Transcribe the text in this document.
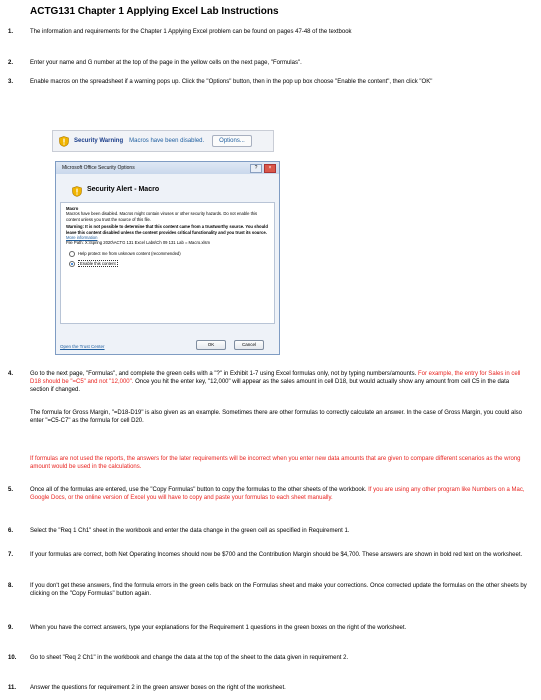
ACTG131 Chapter 1 Applying Excel Lab Instructions
1.	The information and requirements for the Chapter 1 Applying Excel problem can be found on pages 47-48 of the textbook
2.	Enter your name and G number at the top of the page in the yellow cells on the next page, "Formulas".
3.	Enable macros on the spreadsheet if a warning pops up. Click the "Options" button, then in the pop up box choose "Enable the content", then click "OK"
Security Warning Macros have been disabled.	Options...
Microsoft Office Security Options	?	×
Security Alert - Macro
Macro
Macros have been disabled. Macros might contain viruses or other security hazards. Do not enable this content unless you trust the source of this file.
Warning: It is not possible to determine that this content came from a trustworthy source. You should leave this content disabled unless the content provides critical functionality and you trust its source.
More information
File Path: X:\Spring 2020\ACTG 131 Excel Labs\Ch 09 131 Lab = Macro.xlsm
Help protect me from unknown content (recommended)
Enable this content
Open the Trust Center	OK	Cancel
4.	Go to the next page, "Formulas", and complete the green cells with a "?" in Exhibit 1-7 using Excel formulas only, not by typing numbers/amounts. For example, the entry for Sales in cell D18 should be "=C5" and not "12,000". Once you hit the enter key, "12,000" will appear as the sales amount in cell D18, but would actually show any amount from cell C5 in the data section if changed.
The formula for Gross Margin, "=D18-D19" is also given as an example. Sometimes there are other formulas to correctly calculate an answer. In the case of Gross Margin, you could also enter "=C5-C7" as the formula for cell D20.
If formulas are not used the reports, the answers for the later requirements will be incorrect when you enter new data amounts that are given to compare different scenarios as the wrong amount would be used in the calculations.
5.	Once all of the formulas are entered, use the "Copy Formulas" button to copy the formulas to the other sheets of the workbook. If you are using any other program like Numbers on a Mac, Google Docs, or the online version of Excel you will have to copy and paste your formulas to each sheet manually.
6.	Select the "Req 1 Ch1" sheet in the workbook and enter the data change in the green cell as specified in Requirement 1.
7.	If your formulas are correct, both Net Operating Incomes should now be $700 and the Contribution Margin should be $4,700. These answers are shown in bold red text on the worksheet.
8.	If you don't get these answers, find the formula errors in the green cells back on the Formulas sheet and make your corrections. Once corrected update the formulas on the other sheets by clicking on the "Copy Formulas" button again.
9.	When you have the correct answers, type your explanations for the Requirement 1 questions in the green boxes on the right of the worksheet.
10. Go to sheet "Req 2 Ch1" in the workbook and change the data at the top of the sheet to the data given in requirement 2.
11. Answer the questions for requirement 2 in the green answer boxes on the right of the worksheet.
